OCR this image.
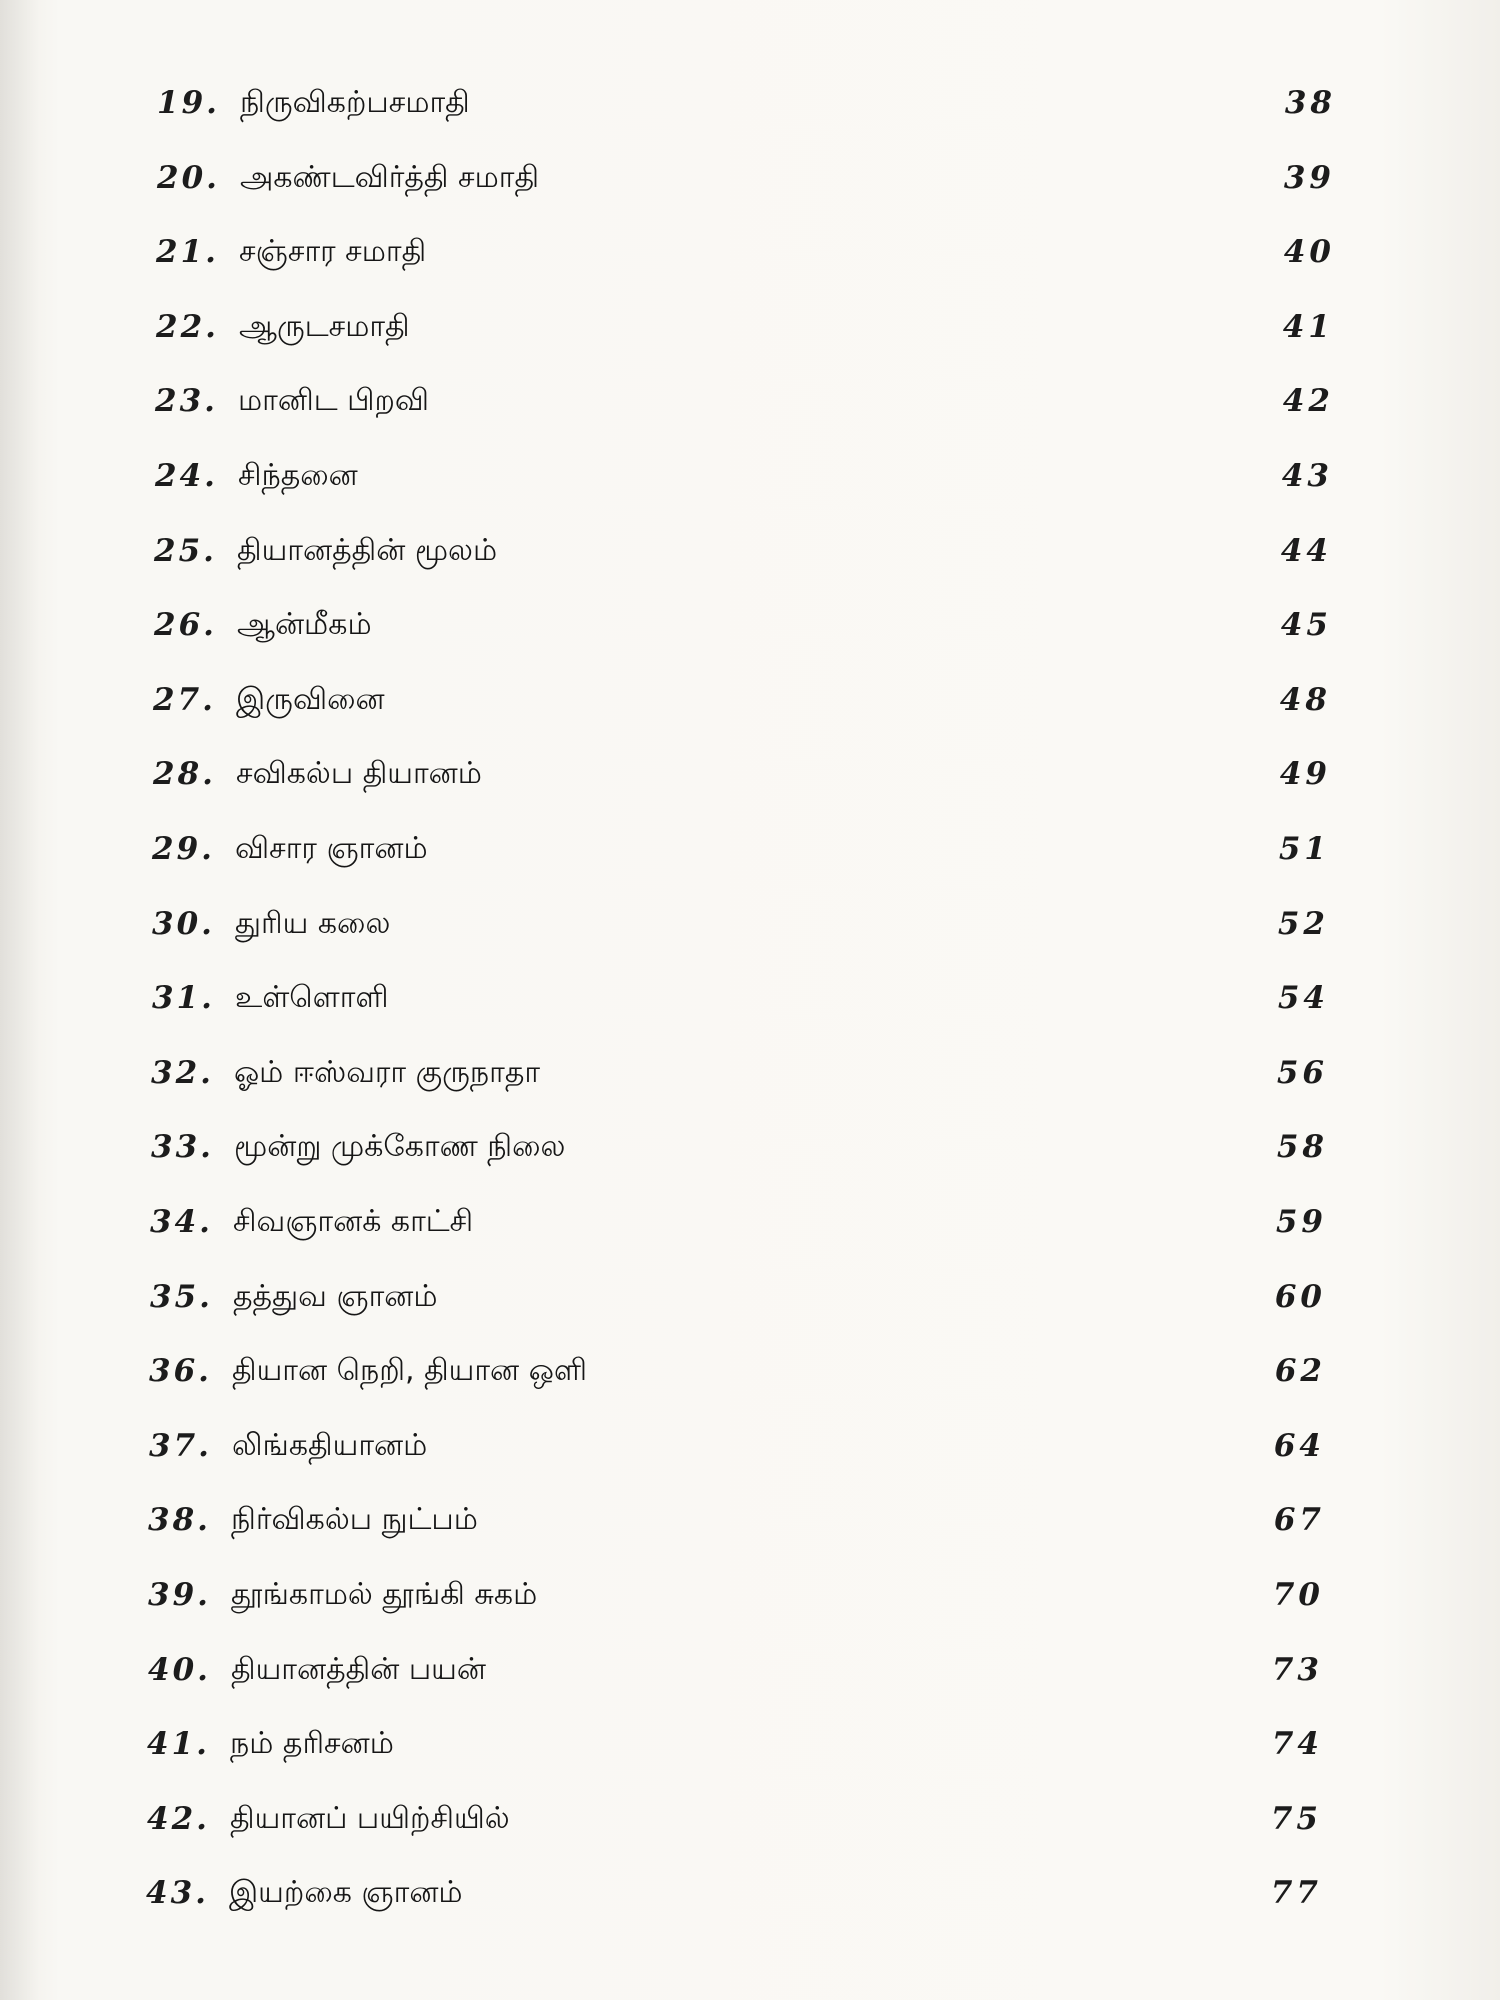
19. நிருவிகற்பசமாதி	38
20. அகண்டவிர்த்தி சமாதி	39
21. சஞ்சார சமாதி	40
22. ஆருடசமாதி	41
23. மானிட பிறவி	42
24. சிந்தனை	43
25. தியானத்தின் மூலம்	44
26. ஆன்மீகம்	45
27. இருவினை	48
28. சவிகல்ப தியானம்	49
29. விசார ஞானம்	51
30. துரிய கலை	52
31. உள்ளொளி	54
32. ஓம் ஈஸ்வரா குருநாதா	56
33. மூன்று முக்கோண நிலை	58
34. சிவஞானக் காட்சி	59
35. தத்துவ ஞானம்	60
36. தியான நெறி, தியான ஒளி	62
37. லிங்கதியானம்	64
38. நிர்விகல்ப நுட்பம்	67
39. தூங்காமல் தூங்கி சுகம்	70
40. தியானத்தின் பயன்	73
41. நம் தரிசனம்	74
42. தியானப் பயிற்சியில்	75
43. இயற்கை ஞானம்	77
